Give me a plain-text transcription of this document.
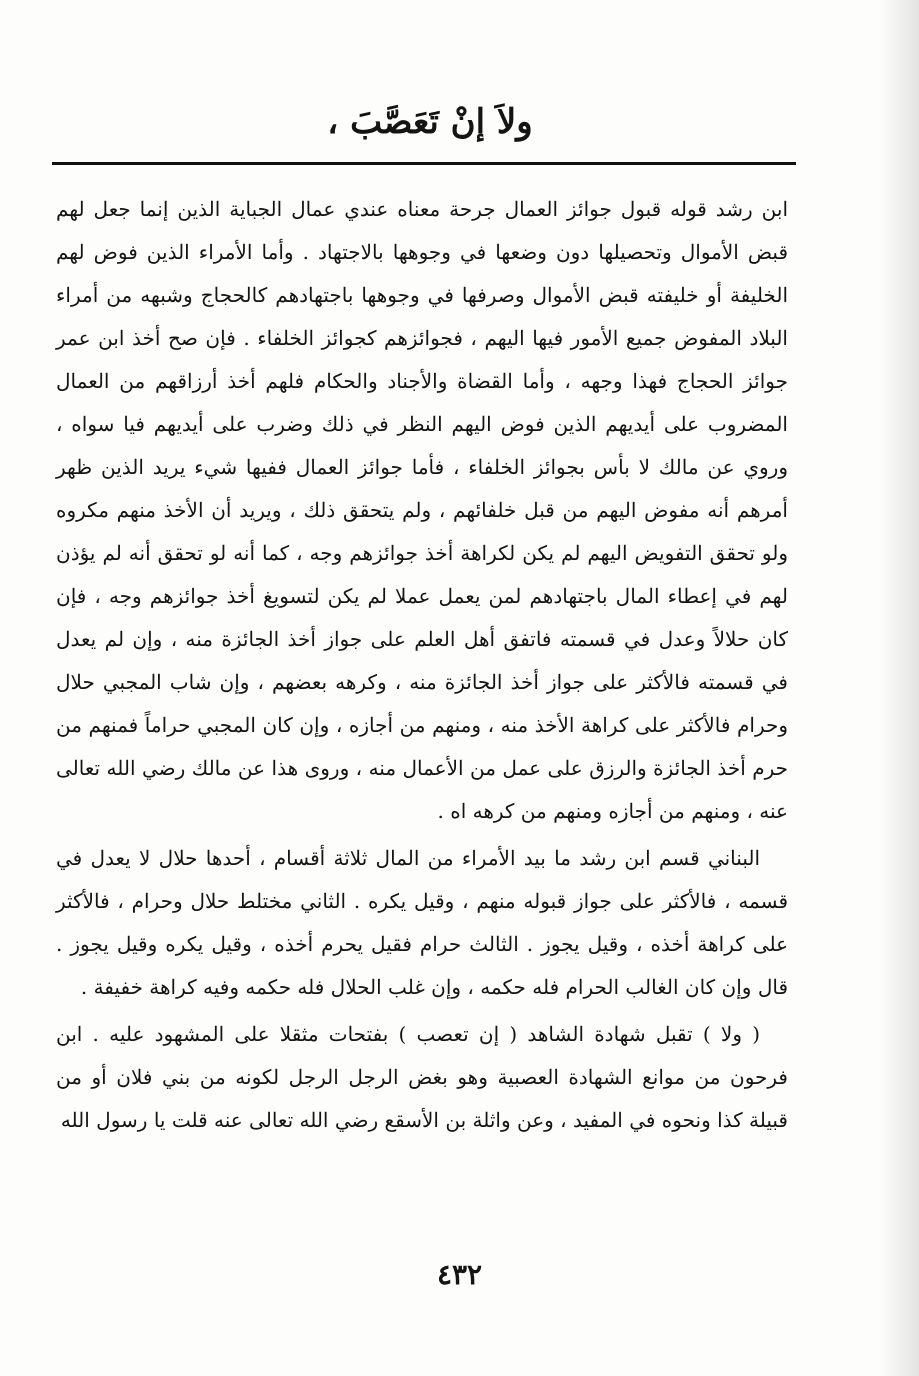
ولاَ إنْ تَعَصَّبَ ،

ابن رشد قوله قبول جوائز العمال جرحة معناه عندي عمال الجباية الذين إنما جعل لهم قبض الأموال وتحصيلها دون وضعها في وجوهها بالاجتهاد . وأما الأمراء الذين فوض لهم الخليفة أو خليفته قبض الأموال وصرفها في وجوهها باجتهادهم كالحجاج وشبهه من أمراء البلاد المفوض جميع الأمور فيها اليهم ، فجوائزهم كجوائز الخلفاء . فإن صح أخذ ابن عمر جوائز الحجاج فهذا وجهه ، وأما القضاة والأجناد والحكام فلهم أخذ أرزاقهم من العمال المضروب على أيديهم الذين فوض اليهم النظر في ذلك وضرب على أيديهم فيا سواه ، وروي عن مالك لا بأس بجوائز الخلفاء ، فأما جوائز العمال ففيها شيء يريد الذين ظهر أمرهم أنه مفوض اليهم من قبل خلفائهم ، ولم يتحقق ذلك ، ويريد أن الأخذ منهم مكروه ولو تحقق التفويض اليهم لم يكن لكراهة أخذ جوائزهم وجه ، كما أنه لو تحقق أنه لم يؤذن لهم في إعطاء المال باجتهادهم لمن يعمل عملا لم يكن لتسويغ أخذ جوائزهم وجه ، فإن كان حلالاً وعدل في قسمته فاتفق أهل العلم على جواز أخذ الجائزة منه ، وإن لم يعدل في قسمته فالأكثر على جواز أخذ الجائزة منه ، وكرهه بعضهم ، وإن شاب المجبي حلال وحرام فالأكثر على كراهة الأخذ منه ، ومنهم من أجازه ، وإن كان المجبي حراماً فمنهم من حرم أخذ الجائزة والرزق على عمل من الأعمال منه ، وروى هذا عن مالك رضي الله تعالى عنه ، ومنهم من أجازه ومنهم من كرهه اه .

البناني قسم ابن رشد ما بيد الأمراء من المال ثلاثة أقسام ، أحدها حلال لا يعدل في قسمه ، فالأكثر على جواز قبوله منهم ، وقيل يكره . الثاني مختلط حلال وحرام ، فالأكثر على كراهة أخذه ، وقيل يجوز . الثالث حرام فقيل يحرم أخذه ، وقيل يكره وقيل يجوز . قال وإن كان الغالب الحرام فله حكمه ، وإن غلب الحلال فله حكمه وفيه كراهة خفيفة .

( ولا ) تقبل شهادة الشاهد ( إن تعصب ) بفتحات مثقلا على المشهود عليه . ابن فرحون من موانع الشهادة العصبية وهو بغض الرجل الرجل لكونه من بني فلان أو من قبيلة كذا ونحوه في المفيد ، وعن واثلة بن الأسقع رضي الله تعالى عنه قلت يا رسول الله

٤٣٢
